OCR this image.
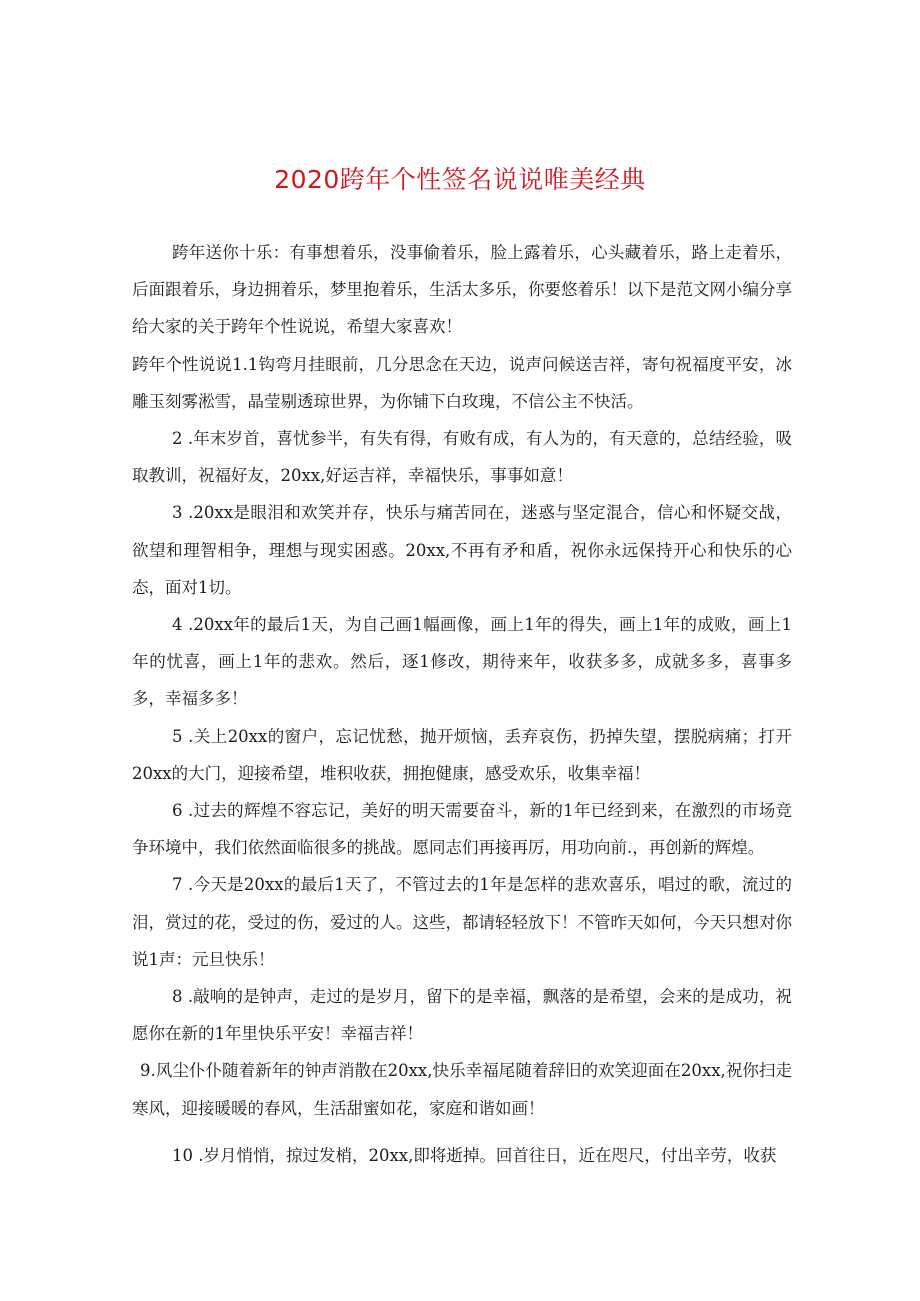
2020跨年个性签名说说唯美经典

跨年送你十乐：有事想着乐，没事偷着乐，脸上露着乐，心头藏着乐，路上走着乐，后面跟着乐，身边拥着乐，梦里抱着乐，生活太多乐，你要悠着乐！以下是范文网小编分享给大家的关于跨年个性说说，希望大家喜欢！

跨年个性说说1.1钩弯月挂眼前，几分思念在天边，说声问候送吉祥，寄句祝福度平安，冰雕玉刻雾淞雪，晶莹剔透琼世界，为你铺下白玫瑰，不信公主不快活。

2 .年末岁首，喜忧参半，有失有得，有败有成，有人为的，有天意的，总结经验，吸取教训，祝福好友，20xx,好运吉祥，幸福快乐，事事如意！

3 .20xx是眼泪和欢笑并存，快乐与痛苦同在，迷惑与坚定混合，信心和怀疑交战，欲望和理智相争，理想与现实困惑。20xx,不再有矛和盾，祝你永远保持开心和快乐的心态，面对1切。

4 .20xx年的最后1天，为自己画1幅画像，画上1年的得失，画上1年的成败，画上1年的忧喜，画上1年的悲欢。然后，逐1修改，期待来年，收获多多，成就多多，喜事多多，幸福多多！

5 .关上20xx的窗户，忘记忧愁，抛开烦恼，丢弃哀伤，扔掉失望，摆脱病痛；打开20xx的大门，迎接希望，堆积收获，拥抱健康，感受欢乐，收集幸福！

6 .过去的辉煌不容忘记，美好的明天需要奋斗，新的1年已经到来，在激烈的市场竞争环境中，我们依然面临很多的挑战。愿同志们再接再厉，用功向前.，再创新的辉煌。

7 .今天是20xx的最后1天了，不管过去的1年是怎样的悲欢喜乐，唱过的歌，流过的泪，赏过的花，受过的伤，爱过的人。这些，都请轻轻放下！不管昨天如何，今天只想对你说1声：元旦快乐！

8 .敲响的是钟声，走过的是岁月，留下的是幸福，飘落的是希望，会来的是成功，祝愿你在新的1年里快乐平安！幸福吉祥！

9.风尘仆仆随着新年的钟声消散在20xx,快乐幸福尾随着辞旧的欢笑迎面在20xx,祝你扫走寒风，迎接暖暖的春风，生活甜蜜如花，家庭和谐如画！

10 .岁月悄悄，掠过发梢，20xx,即将逝掉。回首往日，近在咫尺，付出辛劳，收获
